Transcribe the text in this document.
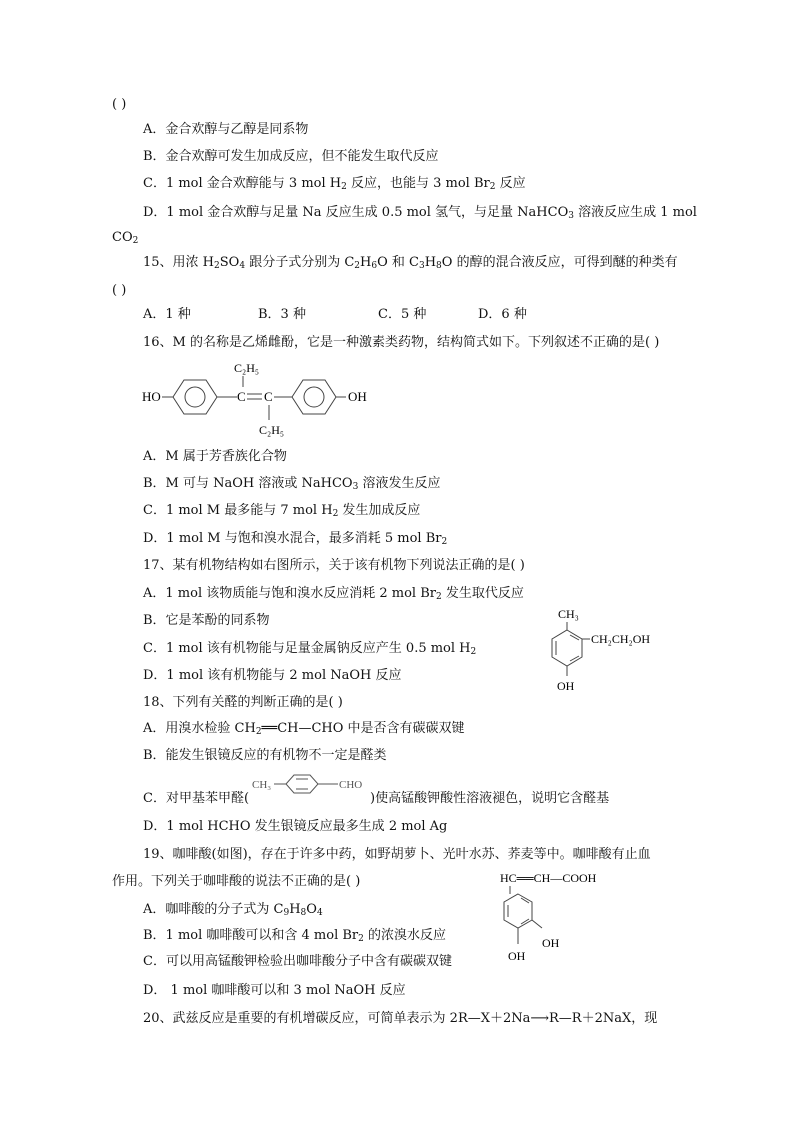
( )
A．金合欢醇与乙醇是同系物
B．金合欢醇可发生加成反应，但不能发生取代反应
C．1 mol 金合欢醇能与 3 mol $H_2$ 反应，也能与 3 mol $Br_2$ 反应
D．1 mol 金合欢醇与足量 Na 反应生成 0.5 mol 氢气，与足量 NaHCO$_3$ 溶液反应生成 1 mol
$CO_2$
15、用浓 $H_2SO_4$ 跟分子式分别为 $C_2H_6O$ 和 $C_3H_8O$ 的醇的混合液反应，可得到醚的种类有
( )
A．1 种	B．3 种	C．5 种	D．6 种
16、M 的名称是乙烯雌酚，它是一种激素类药物，结构简式如下。下列叙述不正确的是( )
HO	C C
C₂H₅
C₂H₅
OH
A．M 属于芳香族化合物
B．M 可与 NaOH 溶液或 NaHCO$_3$ 溶液发生反应
C．1 mol M 最多能与 7 mol $H_2$ 发生加成反应
D．1 mol M 与饱和溴水混合，最多消耗 5 mol $Br_2$
17、某有机物结构如右图所示，关于该有机物下列说法正确的是( )
A．1 mol 该物质能与饱和溴水反应消耗 2 mol $Br_2$ 发生取代反应
B．它是苯酚的同系物
C．1 mol 该有机物能与足量金属钠反应产生 0.5 mol $H_2$
D．1 mol 该有机物能与 2 mol NaOH 反应
CH₃
CH₂CH₂OH
OH
18、下列有关醛的判断正确的是( )
A．用溴水检验 $CH_2══CH—CHO$ 中是否含有碳碳双键
B．能发生银镜反应的有机物不一定是醛类
C．对甲基苯甲醛(
CH₃	CHO
)使高锰酸钾酸性溶液褪色，说明它含醛基
D．1 mol HCHO 发生银镜反应最多生成 2 mol Ag
19、咖啡酸(如图)，存在于许多中药，如野胡萝卜、光叶水苏、荞麦等中。咖啡酸有止血
作用。下列关于咖啡酸的说法不正确的是( )	HC══CH—COOH
OH
OH
A．咖啡酸的分子式为 $C_9H_8O_4$
B．1 mol 咖啡酸可以和含 4 mol $Br_2$ 的浓溴水反应
C．可以用高锰酸钾检验出咖啡酸分子中含有碳碳双键
D． 1 mol 咖啡酸可以和 3 mol NaOH 反应
20、武兹反应是重要的有机增碳反应，可简单表示为 2R—X＋2Na⟶R—R＋2NaX，现
